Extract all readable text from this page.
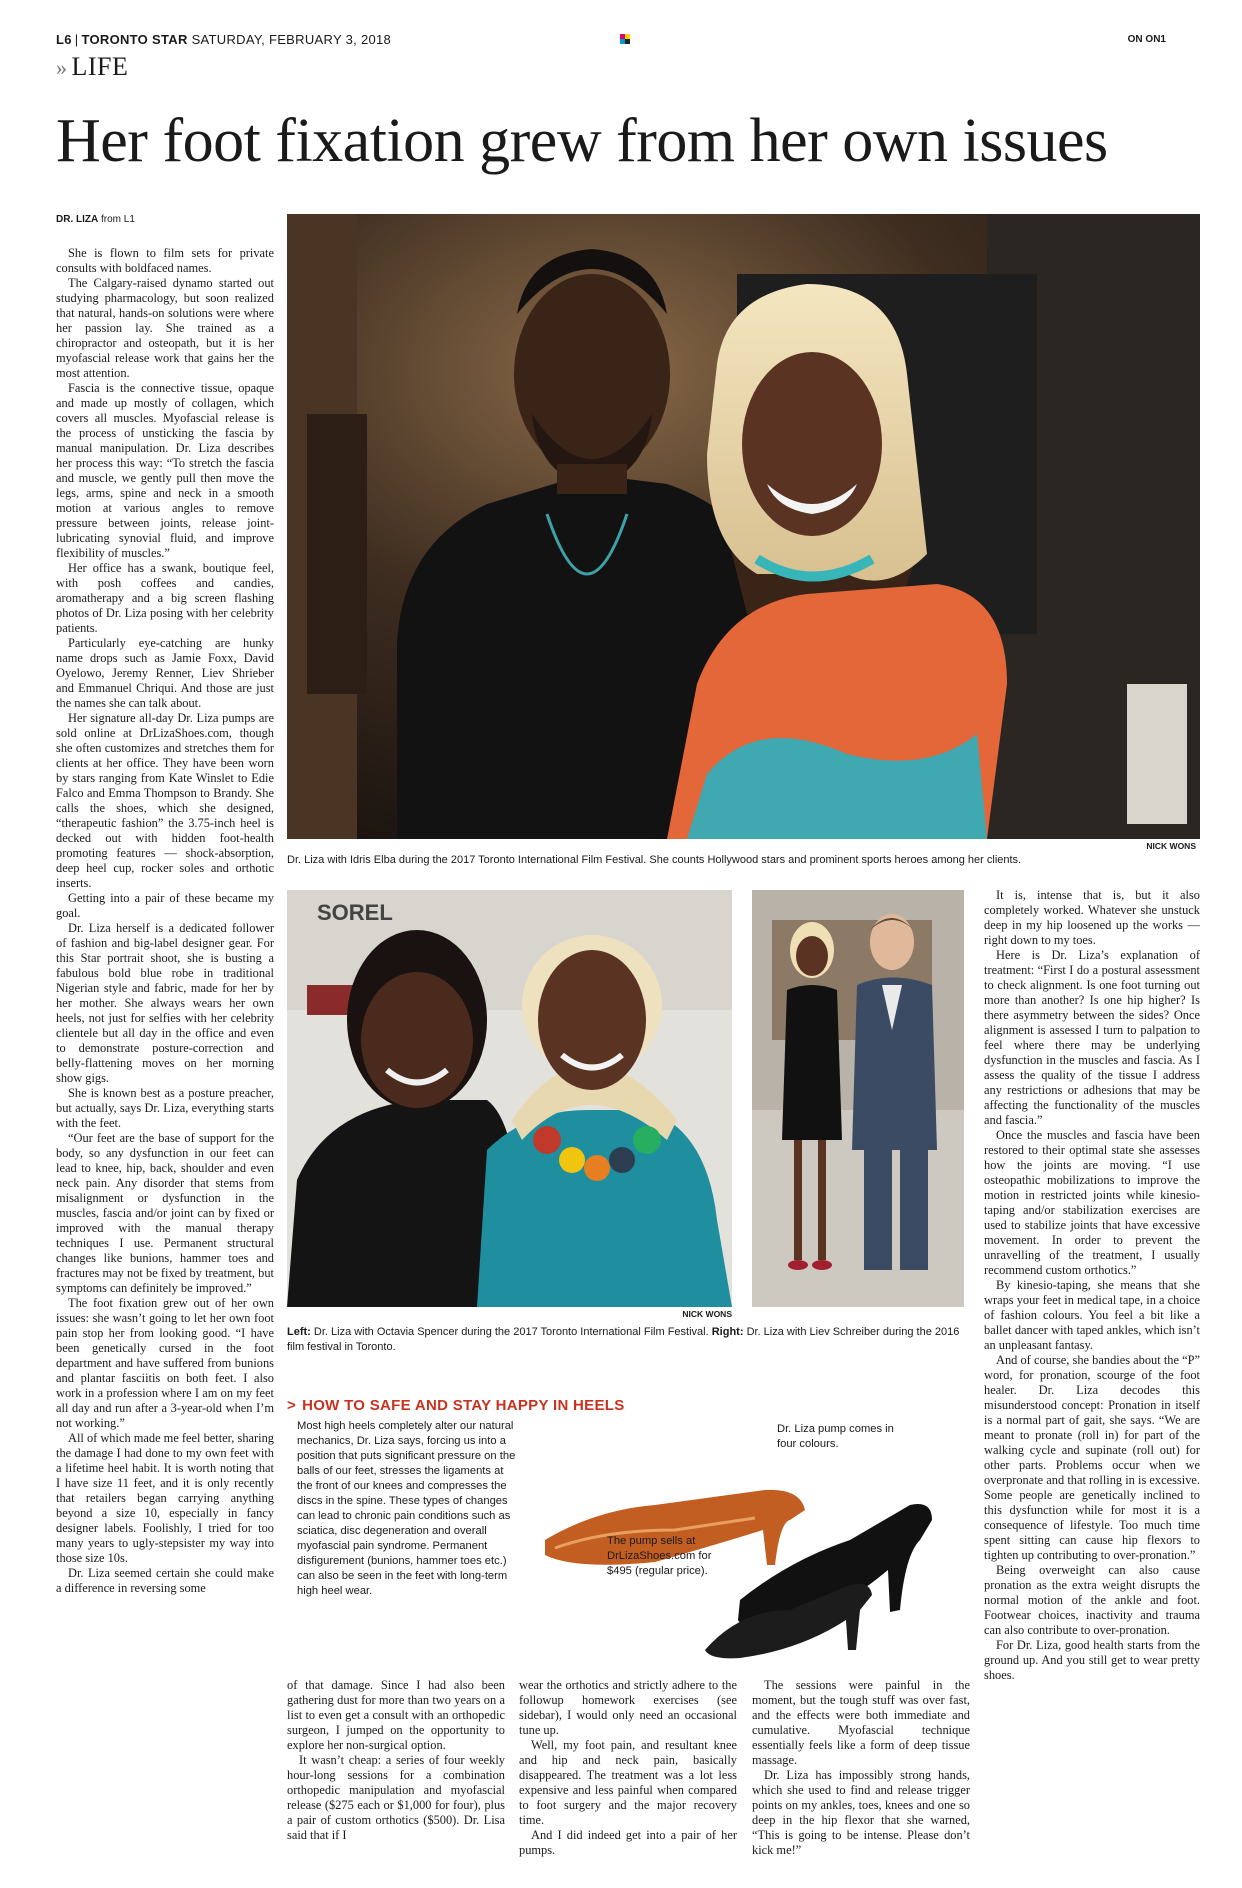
L6 | TORONTO STAR SATURDAY, FEBRUARY 3, 2018	ON ON1
» LIFE
Her foot fixation grew from her own issues
DR. LIZA from L1

She is flown to film sets for private consults with boldfaced names.

The Calgary-raised dynamo started out studying pharmacology, but soon realized that natural, hands-on solutions were where her passion lay. She trained as a chiropractor and osteopath, but it is her myofascial release work that gains her the most attention.

Fascia is the connective tissue, opaque and made up mostly of collagen, which covers all muscles. Myofascial release is the process of unsticking the fascia by manual manipulation. Dr. Liza describes her process this way: “To stretch the fascia and muscle, we gently pull then move the legs, arms, spine and neck in a smooth motion at various angles to remove pressure between joints, release joint-lubricating synovial fluid, and improve flexibility of muscles.”

Her office has a swank, boutique feel, with posh coffees and candies, aromatherapy and a big screen flashing photos of Dr. Liza posing with her celebrity patients.

Particularly eye-catching are hunky name drops such as Jamie Foxx, David Oyelowo, Jeremy Renner, Liev Shrieber and Emmanuel Chriqui. And those are just the names she can talk about.

Her signature all-day Dr. Liza pumps are sold online at DrLizaShoes.com, though she often customizes and stretches them for clients at her office. They have been worn by stars ranging from Kate Winslet to Edie Falco and Emma Thompson to Brandy. She calls the shoes, which she designed, “therapeutic fashion” the 3.75-inch heel is decked out with hidden foot-health promoting features — shock-absorption, deep heel cup, rocker soles and orthotic inserts.

Getting into a pair of these became my goal.

Dr. Liza herself is a dedicated follower of fashion and big-label designer gear. For this Star portrait shoot, she is busting a fabulous bold blue robe in traditional Nigerian style and fabric, made for her by her mother. She always wears her own heels, not just for selfies with her celebrity clientele but all day in the office and even to demonstrate posture-correction and belly-flattening moves on her morning show gigs.

She is known best as a posture preacher, but actually, says Dr. Liza, everything starts with the feet.

“Our feet are the base of support for the body, so any dysfunction in our feet can lead to knee, hip, back, shoulder and even neck pain. Any disorder that stems from misalignment or dysfunction in the muscles, fascia and/or joint can by fixed or improved with the manual therapy techniques I use. Permanent structural changes like bunions, hammer toes and fractures may not be fixed by treatment, but symptoms can definitely be improved.”

The foot fixation grew out of her own issues: she wasn’t going to let her own foot pain stop her from looking good. “I have been genetically cursed in the foot department and have suffered from bunions and plantar fasciitis on both feet. I also work in a profession where I am on my feet all day and run after a 3-year-old when I’m not working.”

All of which made me feel better, sharing the damage I had done to my own feet with a lifetime heel habit. It is worth noting that I have size 11 feet, and it is only recently that retailers began carrying anything beyond a size 10, especially in fancy designer labels. Foolishly, I tried for too many years to ugly-stepsister my way into those size 10s.

Dr. Liza seemed certain she could make a difference in reversing some

NICK WONS
Dr. Liza with Idris Elba during the 2017 Toronto International Film Festival. She counts Hollywood stars and prominent sports heroes among her clients.
SOREL
NICK WONS
Left: Dr. Liza with Octavia Spencer during the 2017 Toronto International Film Festival. Right: Dr. Liza with Liev Schreiber during the 2016 film festival in Toronto.

It is, intense that is, but it also completely worked. Whatever she unstuck deep in my hip loosened up the works — right down to my toes.

Here is Dr. Liza’s explanation of treatment: “First I do a postural assessment to check alignment. Is one foot turning out more than another? Is one hip higher? Is there asymmetry between the sides? Once alignment is assessed I turn to palpation to feel where there may be underlying dysfunction in the muscles and fascia. As I assess the quality of the tissue I address any restrictions or adhesions that may be affecting the functionality of the muscles and fascia.”

Once the muscles and fascia have been restored to their optimal state she assesses how the joints are moving. “I use osteopathic mobilizations to improve the motion in restricted joints while kinesio-taping and/or stabilization exercises are used to stabilize joints that have excessive movement. In order to prevent the unravelling of the treatment, I usually recommend custom orthotics.”

By kinesio-taping, she means that she wraps your feet in medical tape, in a choice of fashion colours. You feel a bit like a ballet dancer with taped ankles, which isn’t an unpleasant fantasy.

And of course, she bandies about the “P” word, for pronation, scourge of the foot healer. Dr. Liza decodes this misunderstood concept: Pronation in itself is a normal part of gait, she says. “We are meant to pronate (roll in) for part of the walking cycle and supinate (roll out) for other parts. Problems occur when we overpronate and that rolling in is excessive. Some people are genetically inclined to this dysfunction while for most it is a consequence of lifestyle. Too much time spent sitting can cause hip flexors to tighten up contributing to over-pronation.”

Being overweight can also cause pronation as the extra weight disrupts the normal motion of the ankle and foot. Footwear choices, inactivity and trauma can also contribute to over-pronation.

For Dr. Liza, good health starts from the ground up. And you still get to wear pretty shoes.

> HOW TO SAFE AND STAY HAPPY IN HEELS
Most high heels completely alter our natural mechanics, Dr. Liza says, forcing us into a position that puts significant pressure on the balls of our feet, stresses the ligaments at the front of our knees and compresses the discs in the spine. These types of changes can lead to chronic pain conditions such as sciatica, disc degeneration and overall myofascial pain syndrome. Permanent disfigurement (bunions, hammer toes etc.) can also be seen in the feet with long-term high heel wear.
Dr. Liza pump comes in four colours.
The pump sells at DrLizaShoes.com for $495 (regular price).

of that damage. Since I had also been gathering dust for more than two years on a list to even get a consult with an orthopedic surgeon, I jumped on the opportunity to explore her non-surgical option.

It wasn’t cheap: a series of four weekly hour-long sessions for a combination orthopedic manipulation and myofascial release ($275 each or $1,000 for four), plus a pair of custom orthotics ($500). Dr. Lisa said that if I

wear the orthotics and strictly adhere to the followup homework exercises (see sidebar), I would only need an occasional tune up.

Well, my foot pain, and resultant knee and hip and neck pain, basically disappeared. The treatment was a lot less expensive and less painful when compared to foot surgery and the major recovery time.

And I did indeed get into a pair of her pumps.

The sessions were painful in the moment, but the tough stuff was over fast, and the effects were both immediate and cumulative. Myofascial technique essentially feels like a form of deep tissue massage.

Dr. Liza has impossibly strong hands, which she used to find and release trigger points on my ankles, toes, knees and one so deep in the hip flexor that she warned, “This is going to be intense. Please don’t kick me!”
